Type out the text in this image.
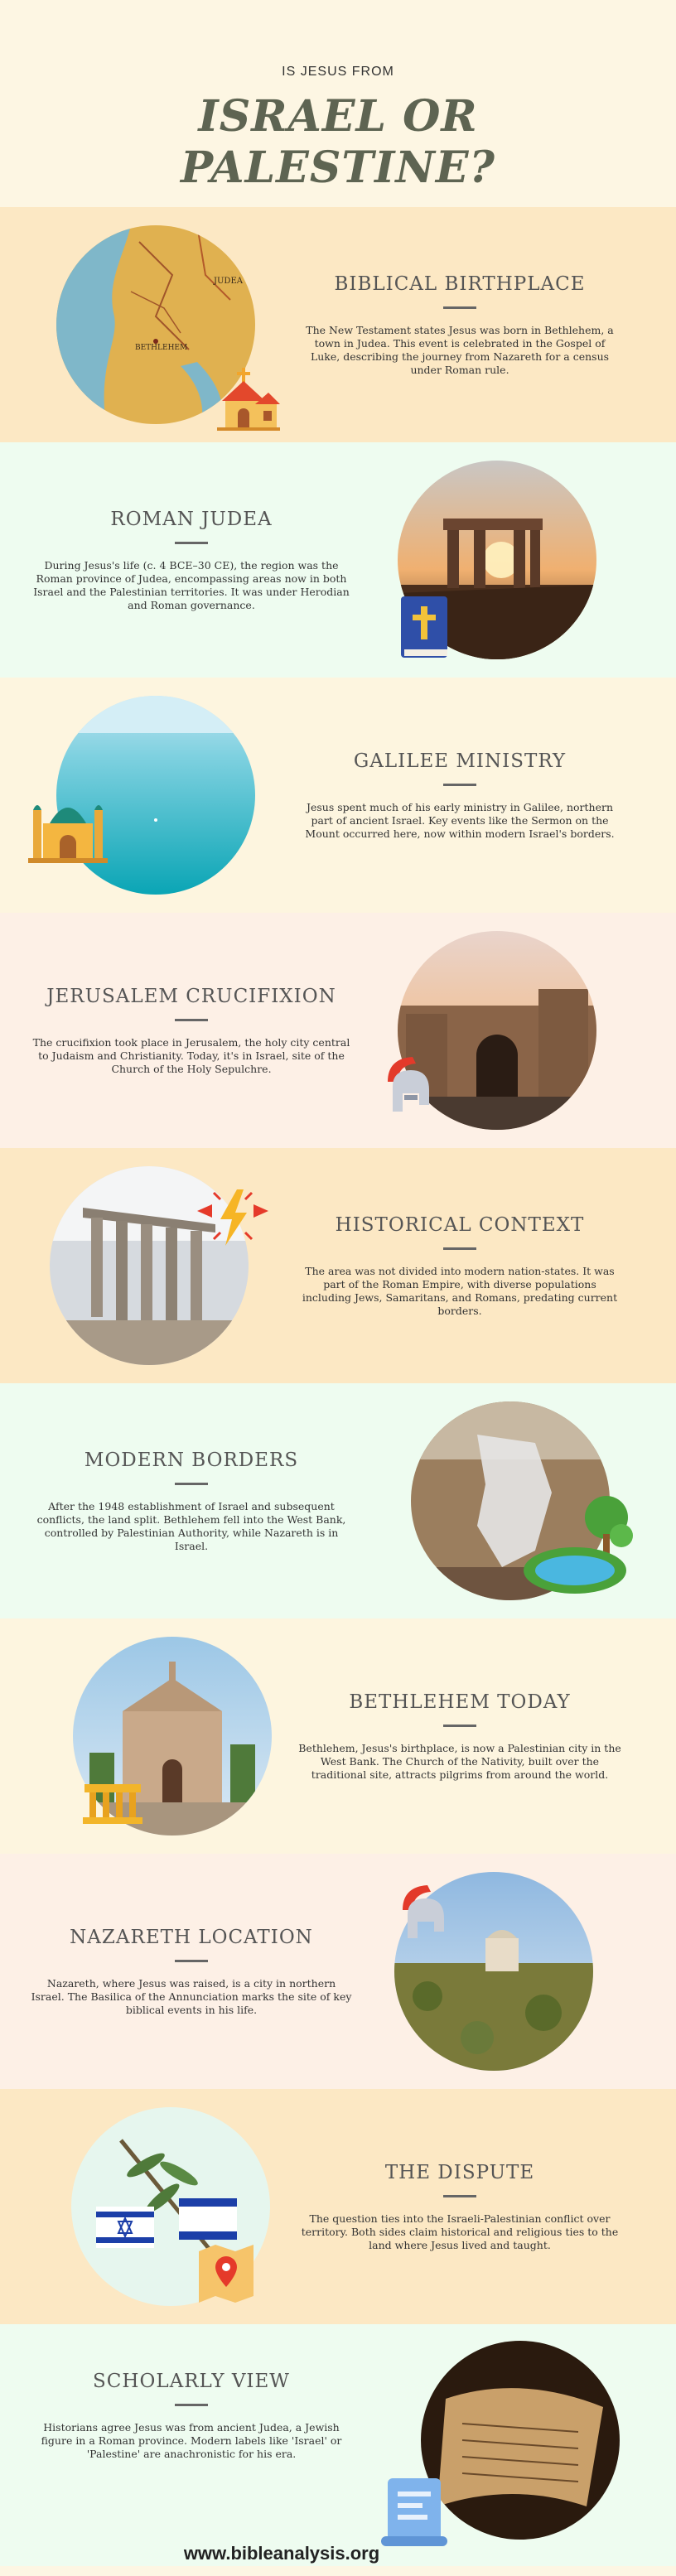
IS JESUS FROM
ISRAEL OR
PALESTINE?
JUDEA
BETHLEHEM
BIBLICAL BIRTHPLACE
The New Testament states Jesus was born in Bethlehem, a town in Judea. This event is celebrated in the Gospel of Luke, describing the journey from Nazareth for a census under Roman rule.
ROMAN JUDEA
During Jesus's life (c. 4 BCE–30 CE), the region was the Roman province of Judea, encompassing areas now in both Israel and the Palestinian territories. It was under Herodian and Roman governance.
GALILEE MINISTRY
Jesus spent much of his early ministry in Galilee, northern part of ancient Israel. Key events like the Sermon on the Mount occurred here, now within modern Israel's borders.
JERUSALEM CRUCIFIXION
The crucifixion took place in Jerusalem, the holy city central to Judaism and Christianity. Today, it's in Israel, site of the Church of the Holy Sepulchre.
HISTORICAL CONTEXT
The area was not divided into modern nation-states. It was part of the Roman Empire, with diverse populations including Jews, Samaritans, and Romans, predating current borders.
MODERN BORDERS
After the 1948 establishment of Israel and subsequent conflicts, the land split. Bethlehem fell into the West Bank, controlled by Palestinian Authority, while Nazareth is in Israel.
BETHLEHEM TODAY
Bethlehem, Jesus's birthplace, is now a Palestinian city in the West Bank. The Church of the Nativity, built over the traditional site, attracts pilgrims from around the world.
NAZARETH LOCATION
Nazareth, where Jesus was raised, is a city in northern Israel. The Basilica of the Annunciation marks the site of key biblical events in his life.
THE DISPUTE
The question ties into the Israeli-Palestinian conflict over territory. Both sides claim historical and religious ties to the land where Jesus lived and taught.
SCHOLARLY VIEW
Historians agree Jesus was from ancient Judea, a Jewish figure in a Roman province. Modern labels like 'Israel' or 'Palestine' are anachronistic for his era.
www.bibleanalysis.org
